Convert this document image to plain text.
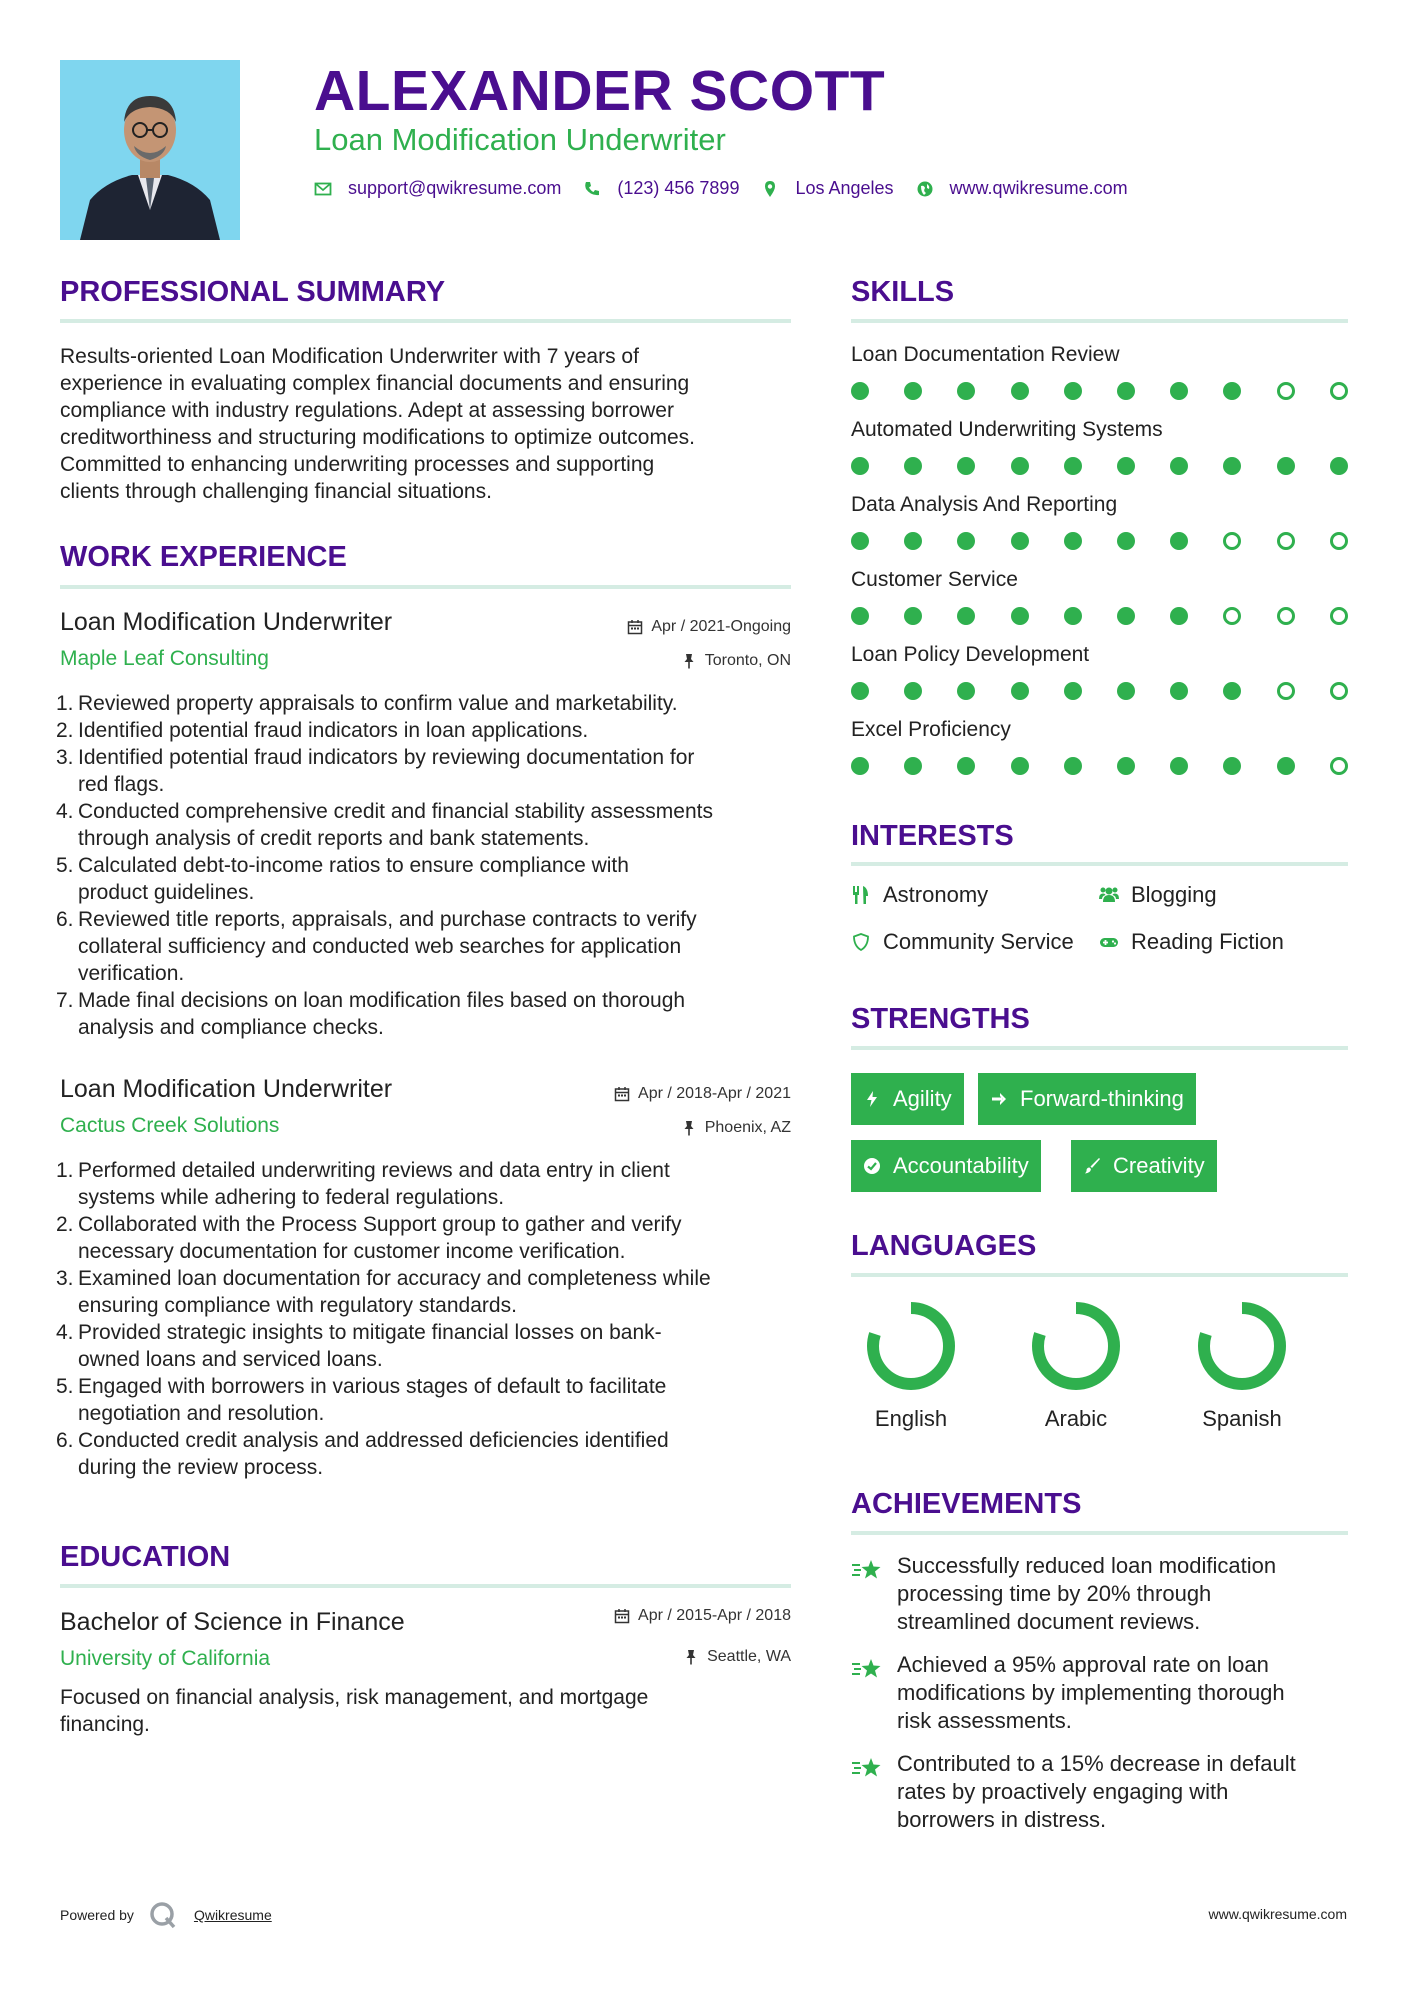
ALEXANDER SCOTT
Loan Modification Underwriter
support@qwikresume.com	(123) 456 7899	Los Angeles	www.qwikresume.com
PROFESSIONAL SUMMARY
Results-oriented Loan Modification Underwriter with 7 years of
experience in evaluating complex financial documents and ensuring
compliance with industry regulations. Adept at assessing borrower
creditworthiness and structuring modifications to optimize outcomes.
Committed to enhancing underwriting processes and supporting
clients through challenging financial situations.
WORK EXPERIENCE
Loan Modification Underwriter	Apr / 2021-Ongoing
Maple Leaf Consulting	Toronto, ON
1. Reviewed property appraisals to confirm value and marketability.
2. Identified potential fraud indicators in loan applications.
3. Identified potential fraud indicators by reviewing documentation for
red flags.
4. Conducted comprehensive credit and financial stability assessments
through analysis of credit reports and bank statements.
5. Calculated debt-to-income ratios to ensure compliance with
product guidelines.
6. Reviewed title reports, appraisals, and purchase contracts to verify
collateral sufficiency and conducted web searches for application
verification.
7. Made final decisions on loan modification files based on thorough
analysis and compliance checks.
Loan Modification Underwriter	Apr / 2018-Apr / 2021
Cactus Creek Solutions	Phoenix, AZ
1. Performed detailed underwriting reviews and data entry in client
systems while adhering to federal regulations.
2. Collaborated with the Process Support group to gather and verify
necessary documentation for customer income verification.
3. Examined loan documentation for accuracy and completeness while
ensuring compliance with regulatory standards.
4. Provided strategic insights to mitigate financial losses on bank-
owned loans and serviced loans.
5. Engaged with borrowers in various stages of default to facilitate
negotiation and resolution.
6. Conducted credit analysis and addressed deficiencies identified
during the review process.
EDUCATION
Bachelor of Science in Finance	Apr / 2015-Apr / 2018
University of California	Seattle, WA
Focused on financial analysis, risk management, and mortgage
financing.
SKILLS
Loan Documentation Review
Automated Underwriting Systems
Data Analysis And Reporting
Customer Service
Loan Policy Development
Excel Proficiency
INTERESTS
Astronomy	Blogging
Community Service	Reading Fiction
STRENGTHS
Agility	Forward-thinking
Accountability	Creativity
LANGUAGES
English	Arabic	Spanish
ACHIEVEMENTS
Successfully reduced loan modification
processing time by 20% through
streamlined document reviews.
Achieved a 95% approval rate on loan
modifications by implementing thorough
risk assessments.
Contributed to a 15% decrease in default
rates by proactively engaging with
borrowers in distress.
Powered by	Qwikresume	www.qwikresume.com
